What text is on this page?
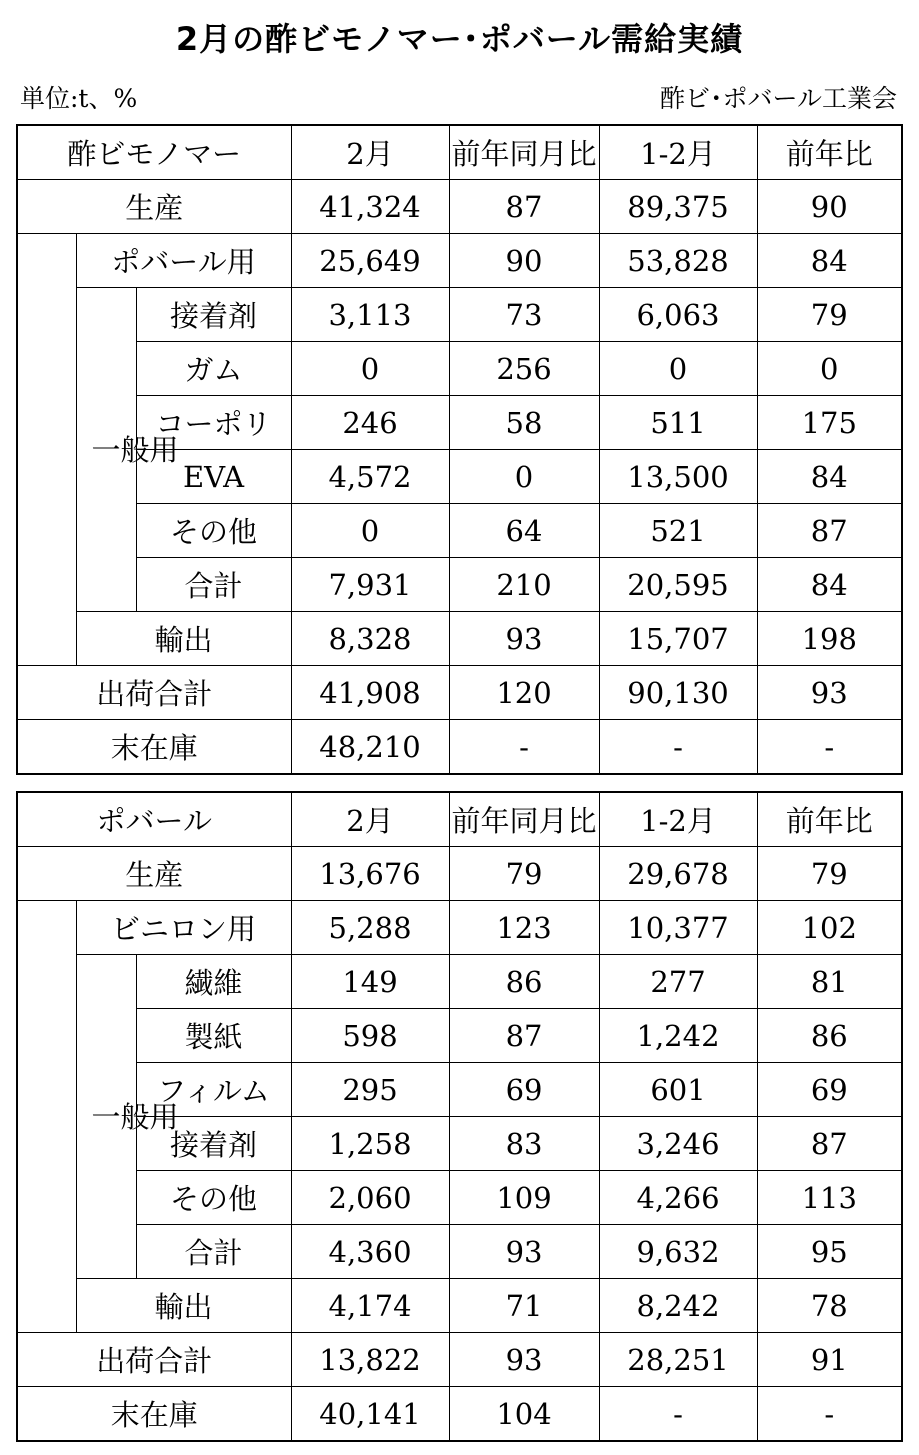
2月の酢ビモノマー･ポバール需給実績
単位:t、%	酢ビ･ポバール工業会
酢ビモノマー			2月	前年同月比	1-2月	前年比
生産			41,324	87	89,375	90
	ポバール用		25,649	90	53,828	84

	一般用	接着剤	3,113	73	6,063	79
		ガム	0	256	0	0
		コーポリ	246	58	511	175
		EVA	4,572	0	13,500	84
		その他	0	64	521	87
		合計	7,931	210	20,595	84
	輸出		8,328	93	15,707	198
出荷合計			41,908	120	90,130	93
末在庫			48,210	-	-	-
ポバール			2月	前年同月比	1-2月	前年比
生産			13,676	79	29,678	79
	ビニロン用		5,288	123	10,377	102

	一般用	繊維	149	86	277	81
		製紙	598	87	1,242	86
		フィルム	295	69	601	69
		接着剤	1,258	83	3,246	87
		その他	2,060	109	4,266	113
		合計	4,360	93	9,632	95
	輸出		4,174	71	8,242	78
出荷合計			13,822	93	28,251	91
末在庫			40,141	104	-	-
